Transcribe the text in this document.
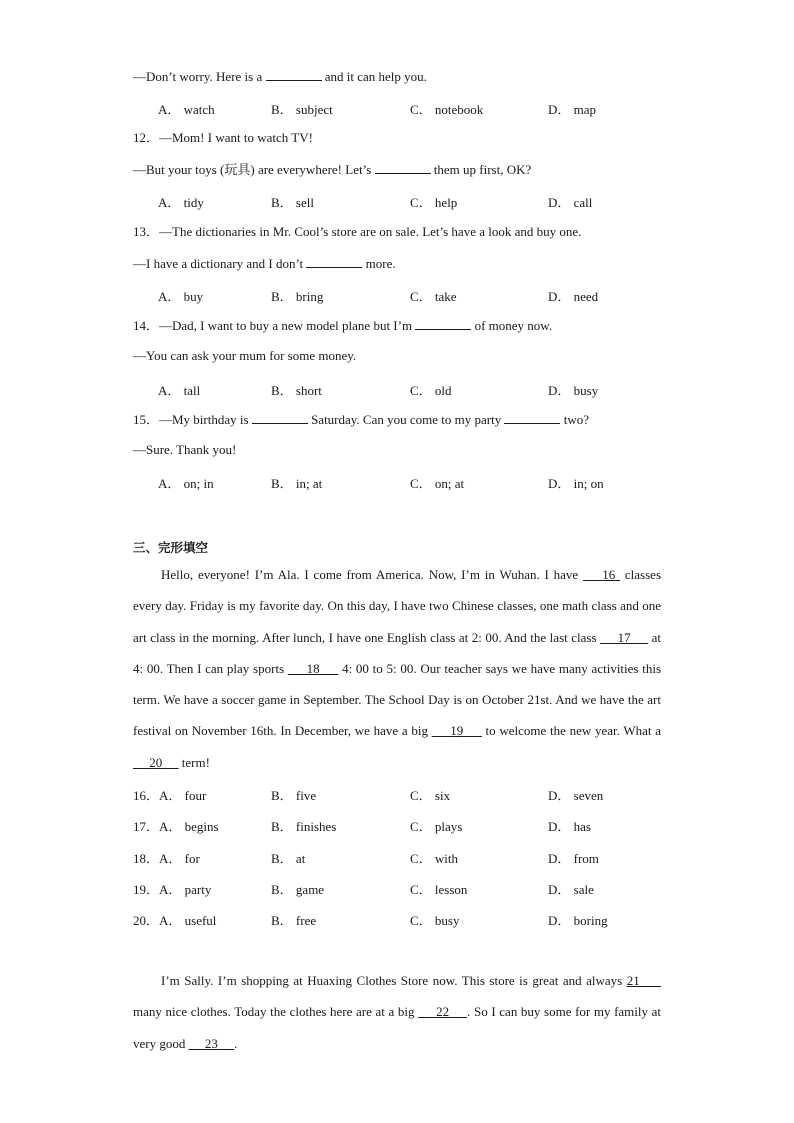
—Don’t worry. Here is a	and it can help you.
A． watch	B． subject	C． notebook	D． map
12．—Mom! I want to watch TV!
—But your toys (玩具) are everywhere! Let’s	them up first, OK?
A． tidy	B． sell	C． help	D． call
13．—The dictionaries in Mr. Cool’s store are on sale. Let’s have a look and buy one.
—I have a dictionary and I don’t	more.
A． buy	B． bring	C． take	D． need
14．—Dad, I want to buy a new model plane but I’m	of money now.
—You can ask your mum for some money.
A． tall	B． short	C． old	D． busy
15．—My birthday is	Saturday. Can you come to my party	two?
—Sure. Thank you!
A． on; in	B． in; at	C． on; at	D． in; on
三、完形填空
Hello, everyone! I’m Ala. I come from America. Now, I’m in Wuhan. I have     16  classes every day. Friday is my favorite day. On this day, I have two Chinese classes, one math class and one art class in the morning. After lunch, I have one English class at 2: 00. And the last class      17      at 4: 00. Then I can play sports      18      4: 00 to 5: 00. Our teacher says we have many activities this term. We have a soccer game in September. The School Day is on October 21st. And we have the art festival on November 16th. In December, we have a big      19      to welcome the new year. What a      20      term!
16．A． four	B． five	C． six	D． seven
17．A． begins	B． finishes	C． plays	D． has
18．A． for	B． at	C． with	D． from
19．A． party	B． game	C． lesson	D． sale
20．A． useful	B． free	C． busy	D． boring
I’m Sally. I’m shopping at Huaxing Clothes Store now. This store is great and always 21      many nice clothes. Today the clothes here are at a big      22 . So I can buy some for my family at very good      23 .
